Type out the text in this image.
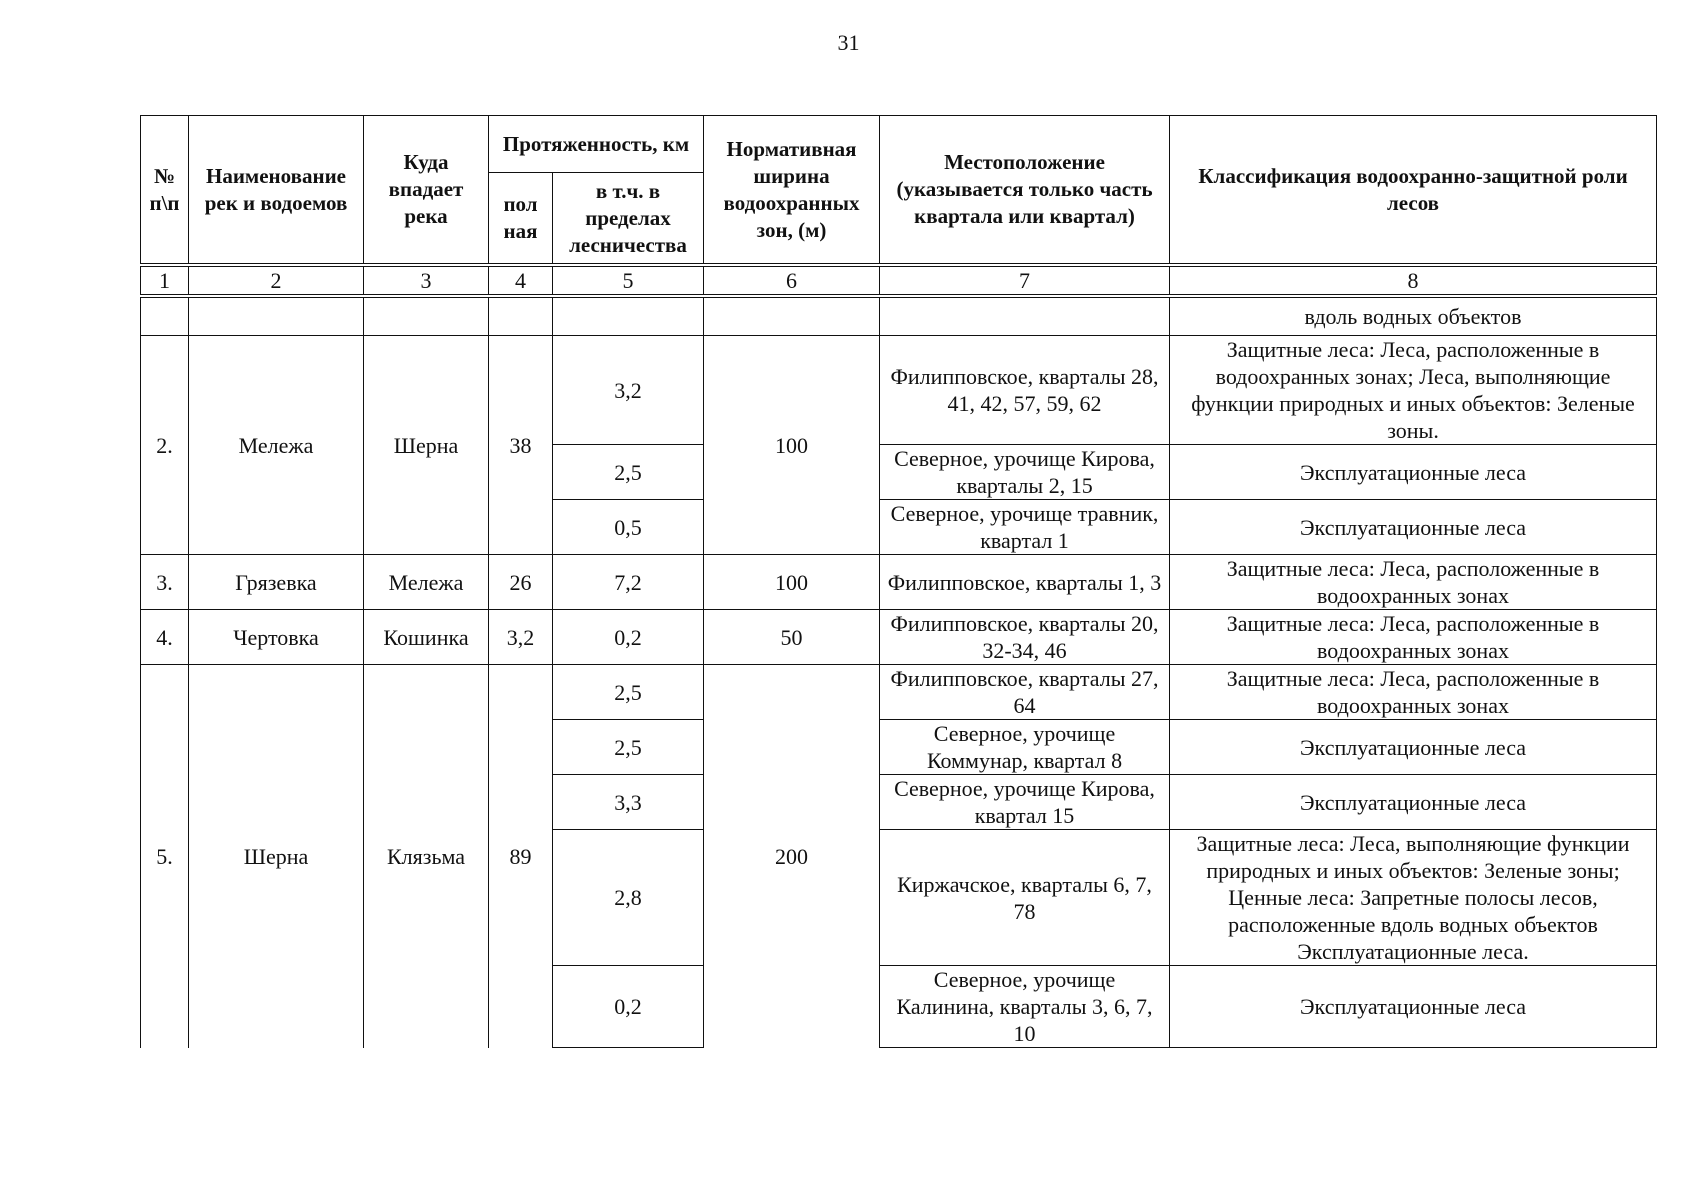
31
№ п\п	Наименование рек и водоемов	Куда впадает река	Протяженность, км		Нормативная ширина водоохранных зон, (м)	Местоположение (указывается только часть квартала или квартал)	Классификация водоохранно-защитной роли лесов
			пол ная	в т.ч. в пределах лесничества			
1	2	3	4	5	6	7	8
							вдоль водных объектов
2.	Мележа	Шерна	38	3,2	100	Филипповское, кварталы 28, 41, 42, 57, 59, 62	Защитные леса: Леса, расположенные в водоохранных зонах; Леса, выполняющие функции природных и иных объектов: Зеленые зоны.
				2,5		Северное, урочище Кирова, кварталы 2, 15	Эксплуатационные леса
				0,5		Северное, урочище травник, квартал 1	Эксплуатационные леса
3.	Грязевка	Мележа	26	7,2	100	Филипповское, кварталы 1, 3	Защитные леса: Леса, расположенные в водоохранных зонах
4.	Чертовка	Кошинка	3,2	0,2	50	Филипповское, кварталы 20, 32-34, 46	Защитные леса: Леса, расположенные в водоохранных зонах
5.	Шерна	Клязьма	89	2,5	200	Филипповское, кварталы 27, 64	Защитные леса: Леса, расположенные в водоохранных зонах
				2,5		Северное, урочище Коммунар, квартал 8	Эксплуатационные леса
				3,3		Северное, урочище Кирова, квартал 15	Эксплуатационные леса
				2,8		Киржачское, кварталы 6, 7, 78	Защитные леса: Леса, выполняющие функции природных и иных объектов: Зеленые зоны; Ценные леса: Запретные полосы лесов, расположенные вдоль водных объектов Эксплуатационные леса.
				0,2		Северное, урочище Калинина, кварталы 3, 6, 7, 10	Эксплуатационные леса
